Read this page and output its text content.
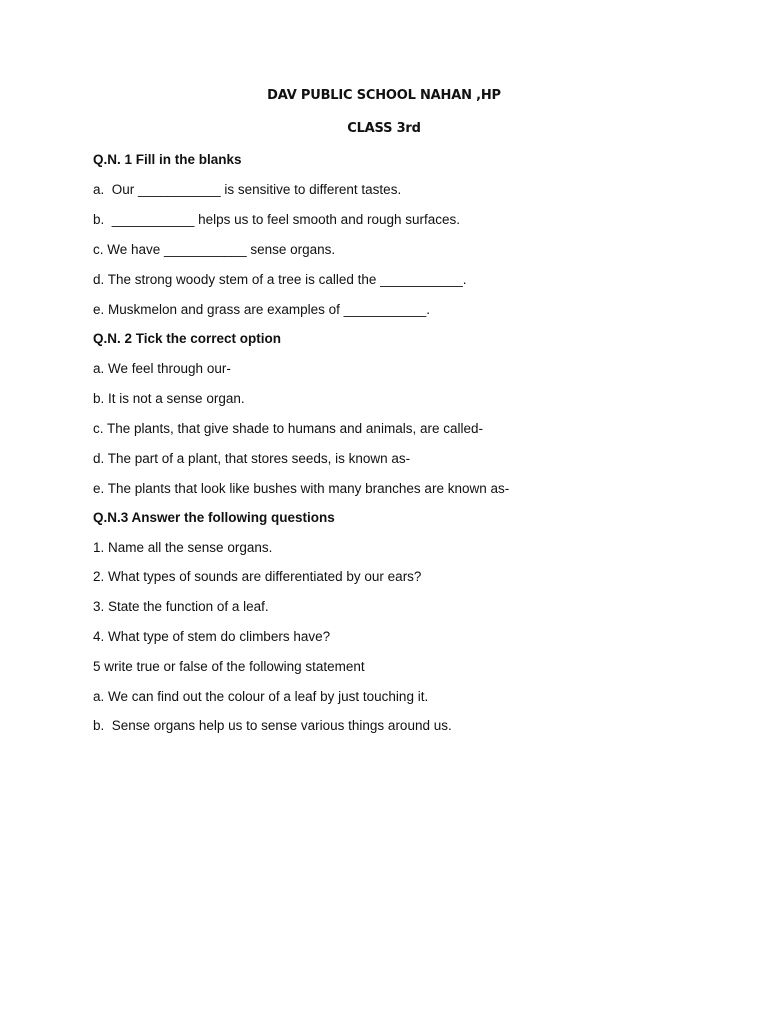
DAV PUBLIC SCHOOL NAHAN ,HP
CLASS 3rd
Q.N. 1 Fill in the blanks
a.  Our ___________ is sensitive to different tastes.
b.  ___________ helps us to feel smooth and rough surfaces.
c. We have ___________ sense organs.
d. The strong woody stem of a tree is called the ___________.
e. Muskmelon and grass are examples of ___________.
Q.N. 2 Tick the correct option
a. We feel through our-
b. It is not a sense organ.
c. The plants, that give shade to humans and animals, are called-
d. The part of a plant, that stores seeds, is known as-
e. The plants that look like bushes with many branches are known as-
Q.N.3 Answer the following questions
1. Name all the sense organs.
2. What types of sounds are differentiated by our ears?
3. State the function of a leaf.
4. What type of stem do climbers have?
5 write true or false of the following statement
a. We can find out the colour of a leaf by just touching it.
b.  Sense organs help us to sense various things around us.
